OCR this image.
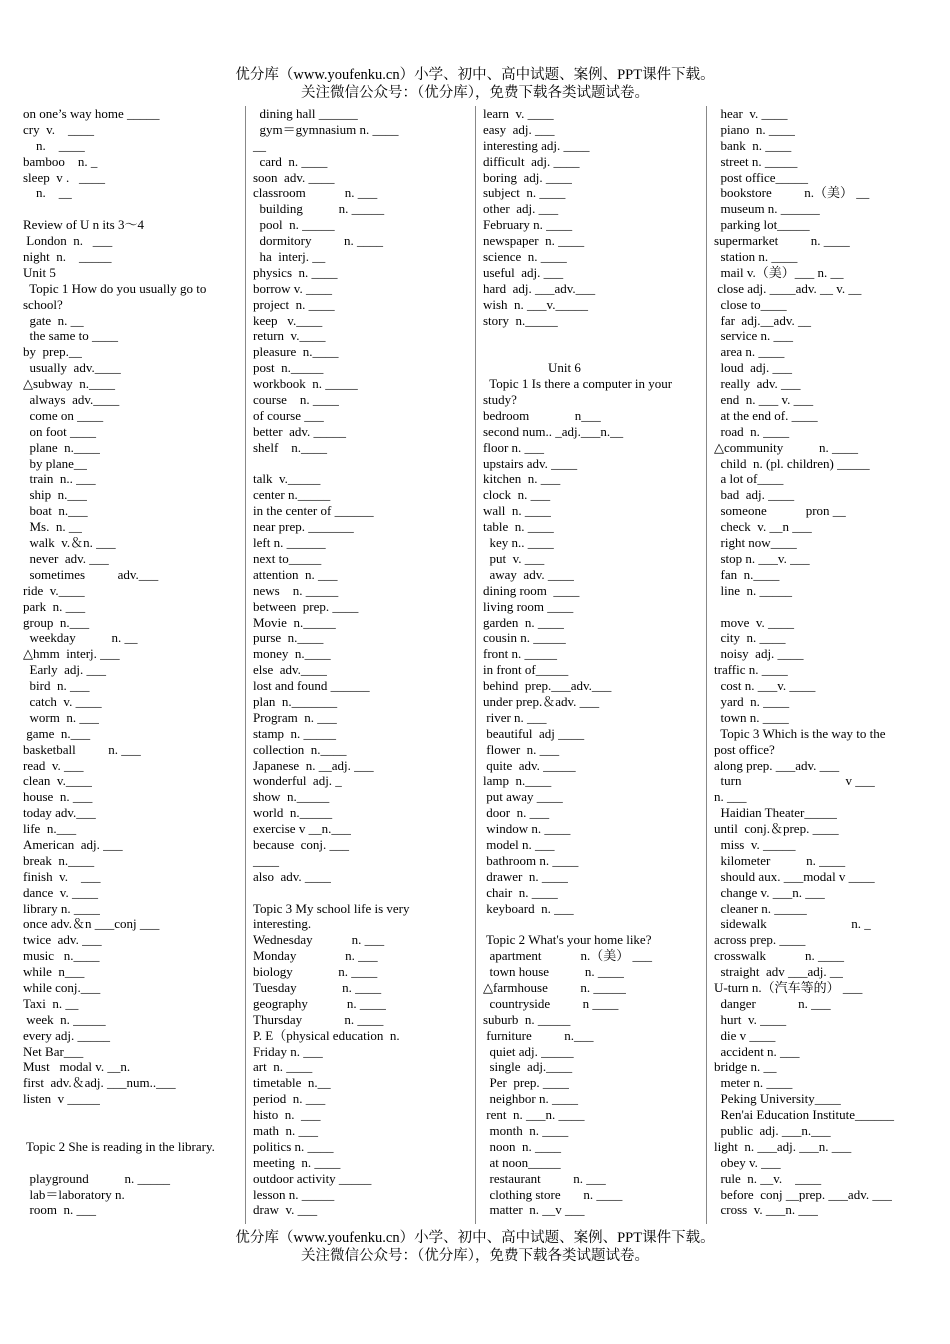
优分库（www.youfenku.cn）小学、初中、高中试题、案例、PPT课件下载。
关注微信公众号：（优分库），免费下载各类试题试卷。
on one’s way home _____
cry  v.    ____
n.    ____
bamboo    n. _
sleep  v .   ____
n.    __
Review of U n its 3～4
London  n.   ___
night  n.    _____
Unit 5
Topic 1 How do you usually go to
school?
gate  n. __
the same to ____
by  prep.__
usually  adv.____
△subway  n.____
always  adv.____
come on ____
on foot ____
plane  n.____
by plane__
train  n.. ___
ship  n.___
boat  n.___
Ms.  n. __
walk  v.＆n. ___
never  adv. ___
sometimes          adv.___
ride  v.____
park  n. ___
group  n.___
weekday           n. __
△hmm  interj. ___
Early  adj. ___
bird  n. ___
catch  v. ____
worm  n. ___
game  n.___
basketball          n. ___
read  v. ___
clean  v.____
house  n. ___
today adv.___
life  n.___
American  adj. ___
break  n.____
finish  v.    ___
dance  v. ____
library n. ____
once adv.＆n ___conj ___
twice  adv. ___
music   n.____
while  n___
while conj.___
Taxi  n. __
week  n. _____
every adj. _____
Net Bar___
Must   modal v. __n.
first  adv.＆adj. ___num..___
listen  v _____
Topic 2 She is reading in the library.
playground           n. _____
lab＝laboratory n.
room  n. ___
dining hall ______
gym＝gymnasium n. ____
__
card  n. ____
soon  adv. ____
classroom            n. ___
building           n. _____
pool  n. _____
dormitory          n. ____
ha  interj. __
physics  n. ____
borrow v. ____
project  n. ____
keep   v.____
return  v.____
pleasure  n.____
post  n._____
workbook  n. _____
course    n. ____
of course ___
better  adv. _____
shelf    n.____
talk  v._____
center n._____
in the center of ______
near prep. _______
left n. ______
next to_____
attention  n. ___
news    n. _____
between  prep. ____
Movie  n._____
purse  n.____
money  n.____
else  adv.____
lost and found ______
plan  n._______
Program  n. ___
stamp  n. _____
collection  n.____
Japanese  n. __adj. ___
wonderful  adj. _
show  n._____
world  n._____
exercise v __n.___
because  conj. ___
____
also  adv. ____
Topic 3 My school life is very
interesting.
Wednesday            n. ___
Monday               n. ___
biology              n. ____
Tuesday              n. ____
geography            n. ____
Thursday             n. ____
P. E（physical education  n.
Friday n. ___
art  n. ____
timetable  n.__
period  n. ___
histo  n.  ___
math  n. ___
politics n. ____
meeting  n. ____
outdoor activity _____
lesson n. _____
draw  v. ___
learn  v. ____
easy  adj. ___
interesting adj. ____
difficult  adj. ____
boring  adj. ____
subject  n. ____
other  adj. ___
February n. ____
newspaper  n. ____
science  n. ____
useful  adj. ___
hard  adj. ___adv.___
wish  n. ___v._____
story  n._____
Unit 6
Topic 1 Is there a computer in your
study?
bedroom              n___
second num.. _adj.___n.__
floor n. ___
upstairs adv. ____
kitchen  n. ___
clock  n. ___
wall  n. ____
table  n. ____
key n.. ____
put  v. ___
away  adv. ____
dining room  ____
living room ____
garden  n. ____
cousin n. _____
front n. _____
in front of_____
behind  prep.___adv.___
under prep.＆adv. ___
river n. ___
beautiful  adj ____
flower  n. ___
quite  adv. _____
lamp  n.____
put away ____
door  n. ___
window n. ____
model n. ___
bathroom n. ____
drawer  n. ____
chair  n. ____
keyboard  n. ___
Topic 2 What's your home like?
apartment            n.（美） ___
town house           n. ____
△farmhouse          n. _____
countryside          n ____
suburb  n. _____
furniture          n.___
quiet adj. _____
single  adj.____
Per  prep. ____
neighbor n. ____
rent  n. ___n. ____
month  n. ____
noon  n. ____
at noon_____
restaurant          n. ___
clothing store       n. ____
matter  n. __v ___
hear  v. ____
piano  n. ____
bank  n. ____
street n. _____
post office_____
bookstore          n.（美） __
museum n. ______
parking lot_____
supermarket          n. ____
station n. ____
mail v.（美）___ n. __
close adj. ____adv. __ v. __
close to____
far  adj.__adv. __
service n. ___
area n. ____
loud  adj. ___
really  adv. ___
end  n. ___ v. ___
at the end of. ____
road  n. ____
△community           n. ____
child  n. (pl. children) _____
a lot of____
bad  adj. ____
someone            pron __
check  v. __n ___
right now____
stop n. ___v. ___
fan  n.____
line  n. _____
move  v. ____
city  n. ____
noisy  adj. ____
traffic n. ____
cost n. ___v. ____
yard  n. ____
town n. ____
Topic 3 Which is the way to the
post office?
along prep. ___adv. ___
turn                                v ___
n. ___
Haidian Theater_____
until  conj.＆prep. ____
miss  v. _____
kilometer           n. ____
should aux. ___modal v ____
change v. ___n. ___
cleaner n. _____
sidewalk                          n. _
across prep. ____
crosswalk            n. ____
straight  adv ___adj. __
U-turn n.（汽车等的） ___
danger             n. ___
hurt  v. ____
die v ____
accident n. ___
bridge n. __
meter n. ____
Peking University____
Ren'ai Education Institute______
public  adj. ___n.___
light  n. ___adj. ___n. ___
obey v. ___
rule  n. __v.    ____
before  conj __prep. ___adv. ___
cross  v. ___n. ___
优分库（www.youfenku.cn）小学、初中、高中试题、案例、PPT课件下载。
关注微信公众号：（优分库），免费下载各类试题试卷。
